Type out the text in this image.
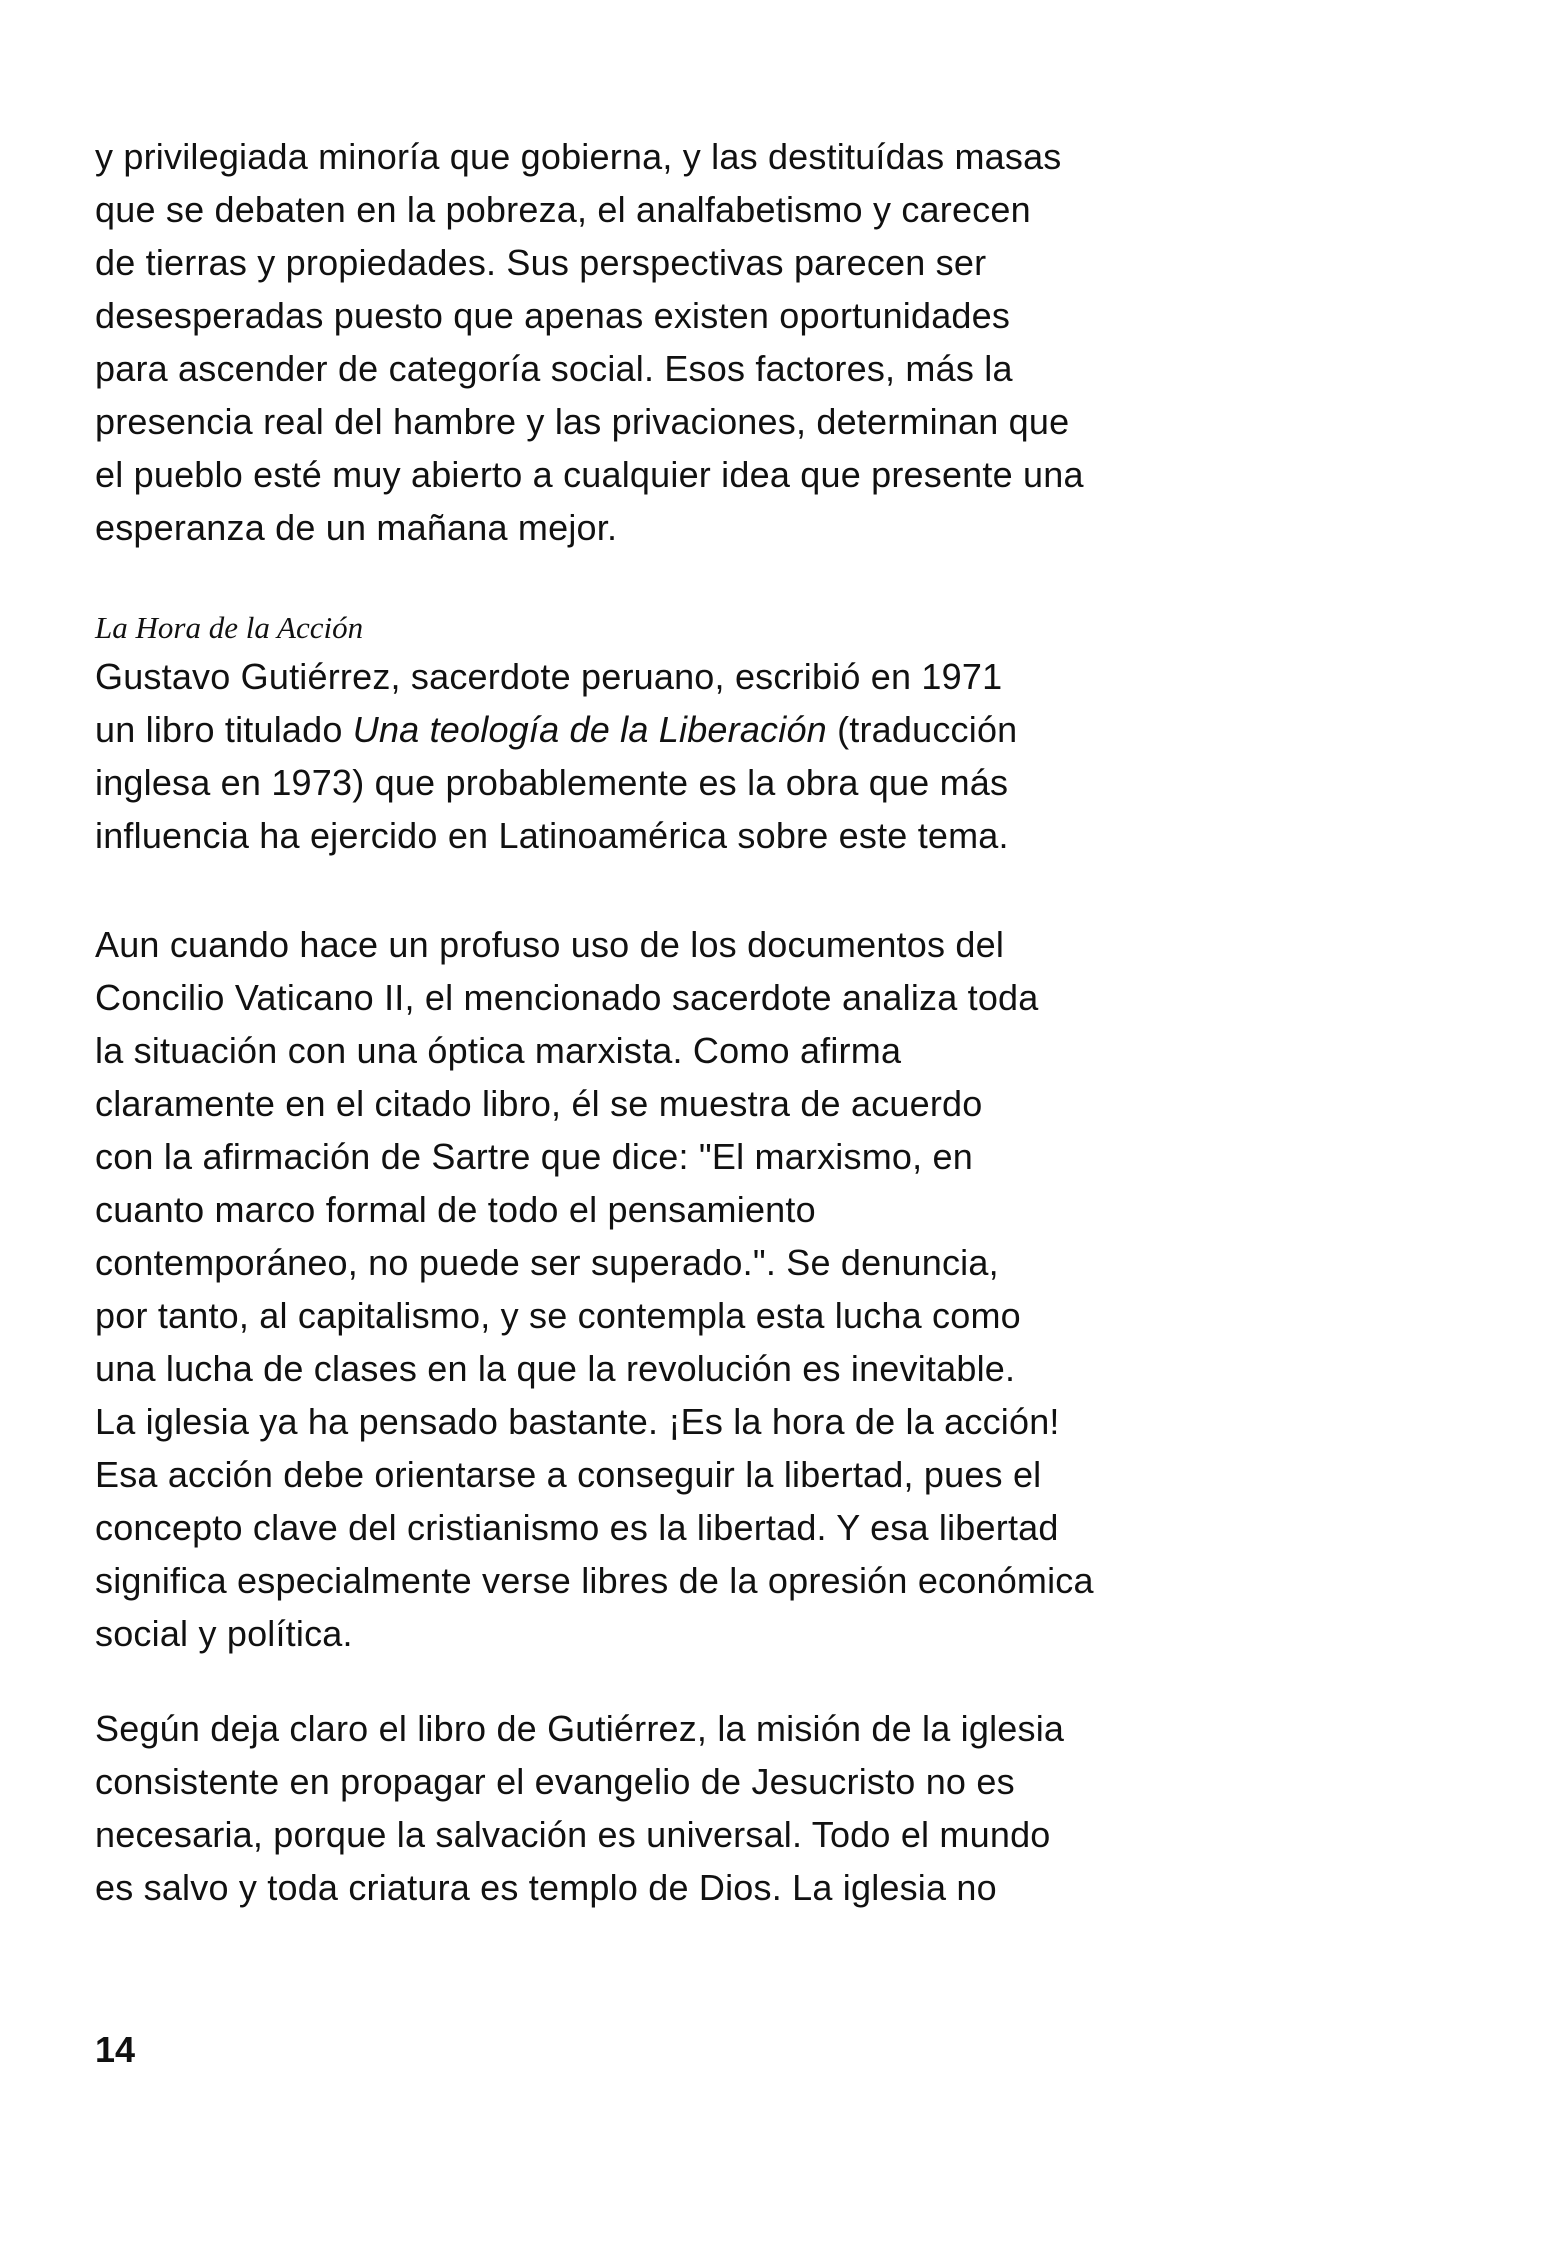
y privilegiada minoría que gobierna, y las destituídas masas
que se debaten en la pobreza, el analfabetismo y carecen
de tierras y propiedades. Sus perspectivas parecen ser
desesperadas puesto que apenas existen oportunidades
para ascender de categoría social. Esos factores, más la
presencia real del hambre y las privaciones, determinan que
el pueblo esté muy abierto a cualquier idea que presente una
esperanza de un mañana mejor.
La Hora de la Acción
Gustavo Gutiérrez, sacerdote peruano, escribió en 1971
un libro titulado Una teología de la Liberación (traducción
inglesa en 1973) que probablemente es la obra que más
influencia ha ejercido en Latinoamérica sobre este tema.
Aun cuando hace un profuso uso de los documentos del
Concilio Vaticano II, el mencionado sacerdote analiza toda
la situación con una óptica marxista. Como afirma
claramente en el citado libro, él se muestra de acuerdo
con la afirmación de Sartre que dice: "El marxismo, en
cuanto marco formal de todo el pensamiento
contemporáneo, no puede ser superado.". Se denuncia,
por tanto, al capitalismo, y se contempla esta lucha como
una lucha de clases en la que la revolución es inevitable.
La iglesia ya ha pensado bastante. ¡Es la hora de la acción!
Esa acción debe orientarse a conseguir la libertad, pues el
concepto clave del cristianismo es la libertad. Y esa libertad
significa especialmente verse libres de la opresión económica
social y política.
Según deja claro el libro de Gutiérrez, la misión de la iglesia
consistente en propagar el evangelio de Jesucristo no es
necesaria, porque la salvación es universal. Todo el mundo
es salvo y toda criatura es templo de Dios. La iglesia no
14
